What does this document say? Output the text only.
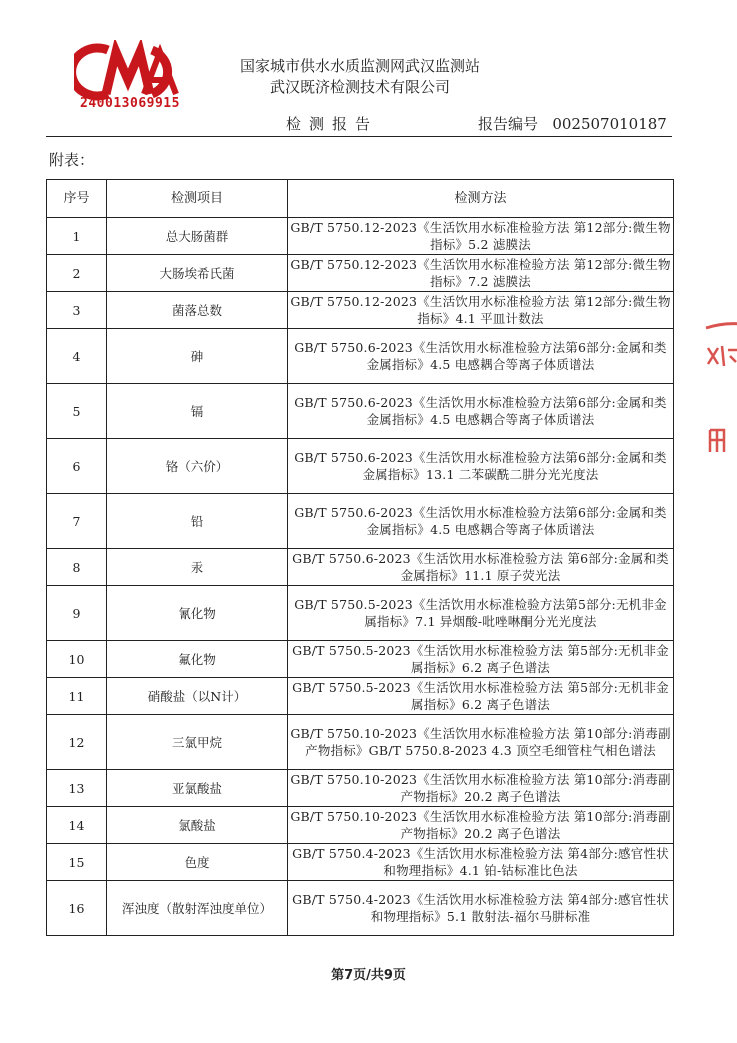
240013069915
国家城市供水水质监测网武汉监测站
武汉既济检测技术有限公司
检测报告	报告编号 002507010187
附表：
序号	检测项目	检测方法
1	总大肠菌群	GB/T 5750.12-2023《生活饮用水标准检验方法 第12部分:微生物指标》5.2 滤膜法
2	大肠埃希氏菌	GB/T 5750.12-2023《生活饮用水标准检验方法 第12部分:微生物指标》7.2 滤膜法
3	菌落总数	GB/T 5750.12-2023《生活饮用水标准检验方法 第12部分:微生物指标》4.1 平皿计数法
4	砷	GB/T 5750.6-2023《生活饮用水标准检验方法第6部分:金属和类金属指标》4.5 电感耦合等离子体质谱法
5	镉	GB/T 5750.6-2023《生活饮用水标准检验方法第6部分:金属和类金属指标》4.5 电感耦合等离子体质谱法
6	铬（六价）	GB/T 5750.6-2023《生活饮用水标准检验方法第6部分:金属和类金属指标》13.1 二苯碳酰二肼分光光度法
7	铅	GB/T 5750.6-2023《生活饮用水标准检验方法第6部分:金属和类金属指标》4.5 电感耦合等离子体质谱法
8	汞	GB/T 5750.6-2023《生活饮用水标准检验方法 第6部分:金属和类金属指标》11.1 原子荧光法
9	氰化物	GB/T 5750.5-2023《生活饮用水标准检验方法第5部分:无机非金属指标》7.1 异烟酸-吡唑啉酮分光光度法
10	氟化物	GB/T 5750.5-2023《生活饮用水标准检验方法 第5部分:无机非金属指标》6.2 离子色谱法
11	硝酸盐（以N计）	GB/T 5750.5-2023《生活饮用水标准检验方法 第5部分:无机非金属指标》6.2 离子色谱法
12	三氯甲烷	GB/T 5750.10-2023《生活饮用水标准检验方法 第10部分:消毒副产物指标》GB/T 5750.8-2023 4.3 顶空毛细管柱气相色谱法
13	亚氯酸盐	GB/T 5750.10-2023《生活饮用水标准检验方法 第10部分:消毒副产物指标》20.2 离子色谱法
14	氯酸盐	GB/T 5750.10-2023《生活饮用水标准检验方法 第10部分:消毒副产物指标》20.2 离子色谱法
15	色度	GB/T 5750.4-2023《生活饮用水标准检验方法 第4部分:感官性状和物理指标》4.1 铂-钴标准比色法
16	浑浊度（散射浑浊度单位）	GB/T 5750.4-2023《生活饮用水标准检验方法 第4部分:感官性状和物理指标》5.1 散射法-福尔马肼标准
第7页/共9页
